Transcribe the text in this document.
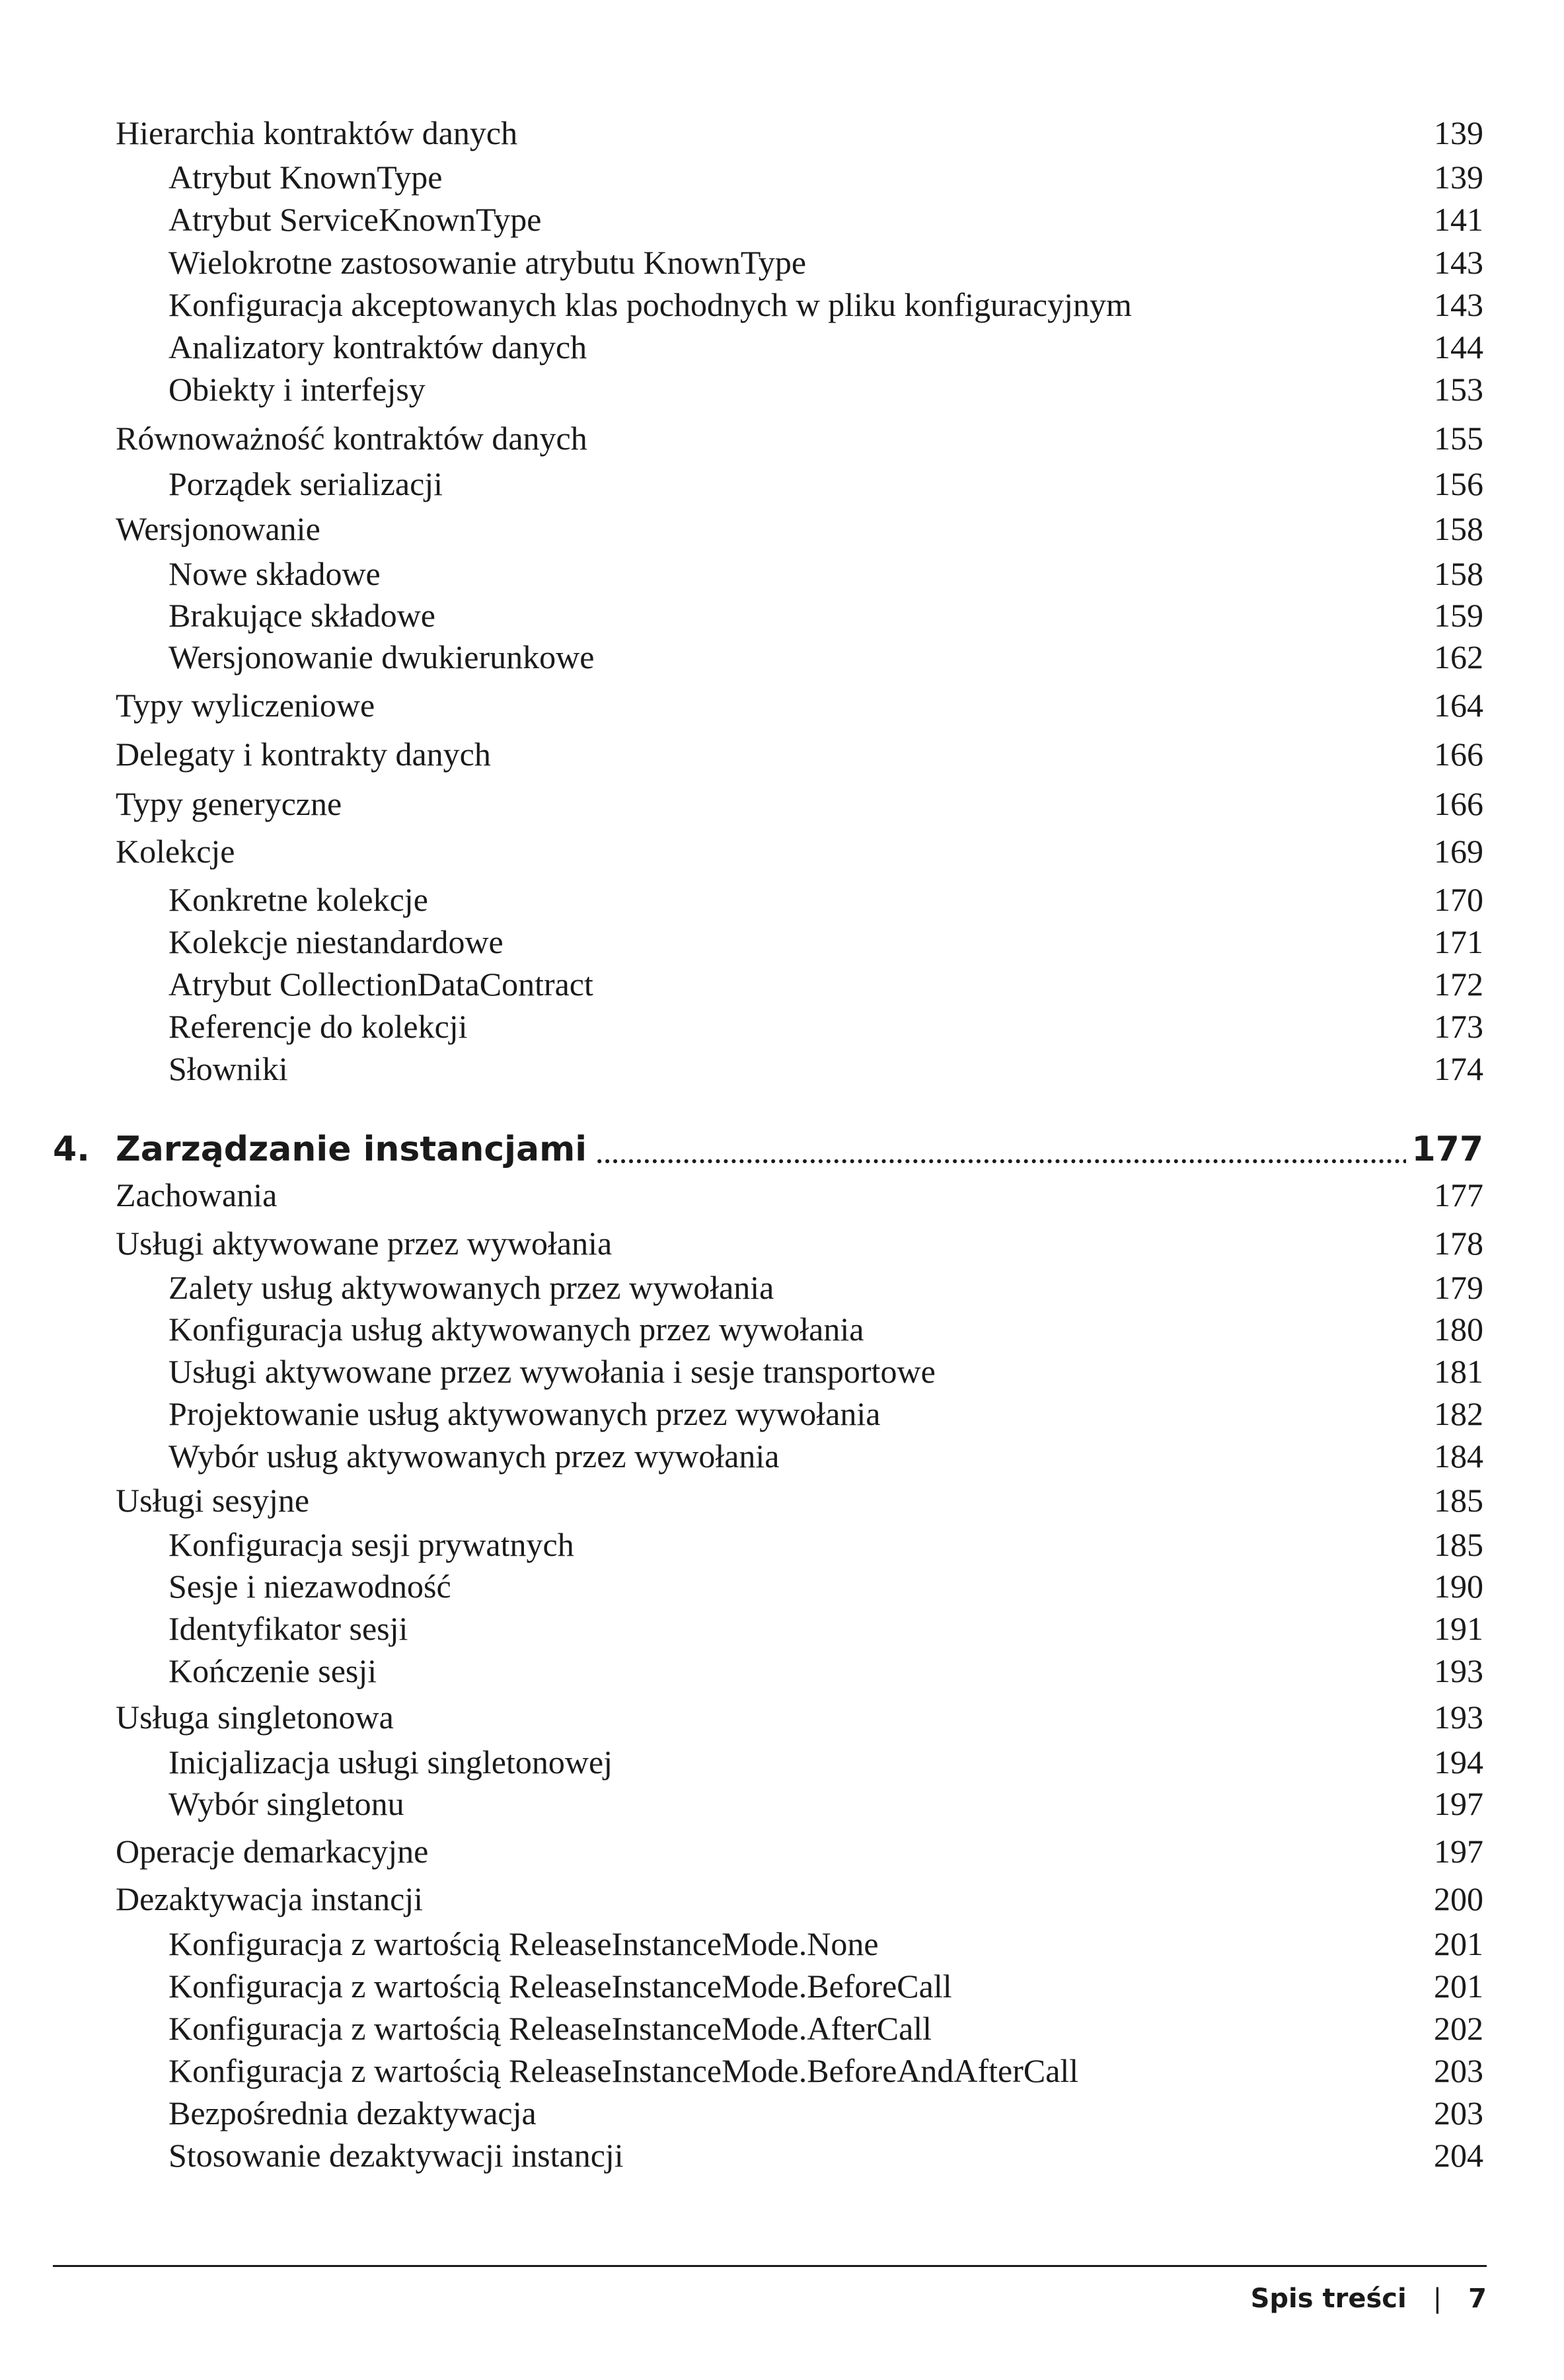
Hierarchia kontraktów danych	139
Atrybut KnownType	139
Atrybut ServiceKnownType	141
Wielokrotne zastosowanie atrybutu KnownType	143
Konfiguracja akceptowanych klas pochodnych w pliku konfiguracyjnym	143
Analizatory kontraktów danych	144
Obiekty i interfejsy	153
Równoważność kontraktów danych	155
Porządek serializacji	156
Wersjonowanie	158
Nowe składowe	158
Brakujące składowe	159
Wersjonowanie dwukierunkowe	162
Typy wyliczeniowe	164
Delegaty i kontrakty danych	166
Typy generyczne	166
Kolekcje	169
Konkretne kolekcje	170
Kolekcje niestandardowe	171
Atrybut CollectionDataContract	172
Referencje do kolekcji	173
Słowniki	174
4. Zarządzanie instancjami	177
Zachowania	177
Usługi aktywowane przez wywołania	178
Zalety usług aktywowanych przez wywołania	179
Konfiguracja usług aktywowanych przez wywołania	180
Usługi aktywowane przez wywołania i sesje transportowe	181
Projektowanie usług aktywowanych przez wywołania	182
Wybór usług aktywowanych przez wywołania	184
Usługi sesyjne	185
Konfiguracja sesji prywatnych	185
Sesje i niezawodność	190
Identyfikator sesji	191
Kończenie sesji	193
Usługa singletonowa	193
Inicjalizacja usługi singletonowej	194
Wybór singletonu	197
Operacje demarkacyjne	197
Dezaktywacja instancji	200
Konfiguracja z wartością ReleaseInstanceMode.None	201
Konfiguracja z wartością ReleaseInstanceMode.BeforeCall	201
Konfiguracja z wartością ReleaseInstanceMode.AfterCall	202
Konfiguracja z wartością ReleaseInstanceMode.BeforeAndAfterCall	203
Bezpośrednia dezaktywacja	203
Stosowanie dezaktywacji instancji	204
Spis treści | 7
